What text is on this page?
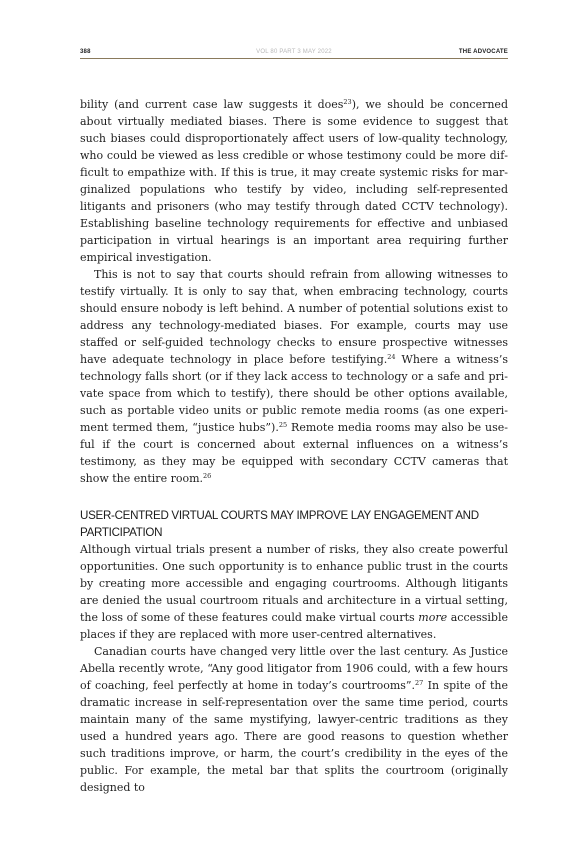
388	VOL 80 PART 3 MAY 2022	THE ADVOCATE

bility (and current case law suggests it does$^{23}$), we should be concerned about virtually mediated biases. There is some evidence to suggest that such biases could disproportionately affect users of low-quality technology, who could be viewed as less credible or whose testimony could be more difficult to empathize with. If this is true, it may create systemic risks for marginalized populations who testify by video, including self-represented litigants and prisoners (who may testify through dated CCTV technology). Establishing baseline technology requirements for effective and unbiased participation in virtual hearings is an important area requiring further empirical investigation.

This is not to say that courts should refrain from allowing witnesses to testify virtually. It is only to say that, when embracing technology, courts should ensure nobody is left behind. A number of potential solutions exist to address any technology-mediated biases. For example, courts may use staffed or self-guided technology checks to ensure prospective witnesses have adequate technology in place before testifying.$^{24}$ Where a witness’s technology falls short (or if they lack access to technology or a safe and private space from which to testify), there should be other options available, such as portable video units or public remote media rooms (as one experiment termed them, “justice hubs”).$^{25}$ Remote media rooms may also be useful if the court is concerned about external influences on a witness’s testimony, as they may be equipped with secondary CCTV cameras that show the entire room.$^{26}$

USER-CENTRED VIRTUAL COURTS MAY IMPROVE LAY ENGAGEMENT AND PARTICIPATION

Although virtual trials present a number of risks, they also create powerful opportunities. One such opportunity is to enhance public trust in the courts by creating more accessible and engaging courtrooms. Although litigants are denied the usual courtroom rituals and architecture in a virtual setting, the loss of some of these features could make virtual courts more accessible places if they are replaced with more user-centred alternatives.

Canadian courts have changed very little over the last century. As Justice Abella recently wrote, “Any good litigator from 1906 could, with a few hours of coaching, feel perfectly at home in today’s courtrooms”.$^{27}$ In spite of the dramatic increase in self-representation over the same time period, courts maintain many of the same mystifying, lawyer-centric traditions as they used a hundred years ago. There are good reasons to question whether such traditions improve, or harm, the court’s credibility in the eyes of the public. For example, the metal bar that splits the courtroom (originally designed to
